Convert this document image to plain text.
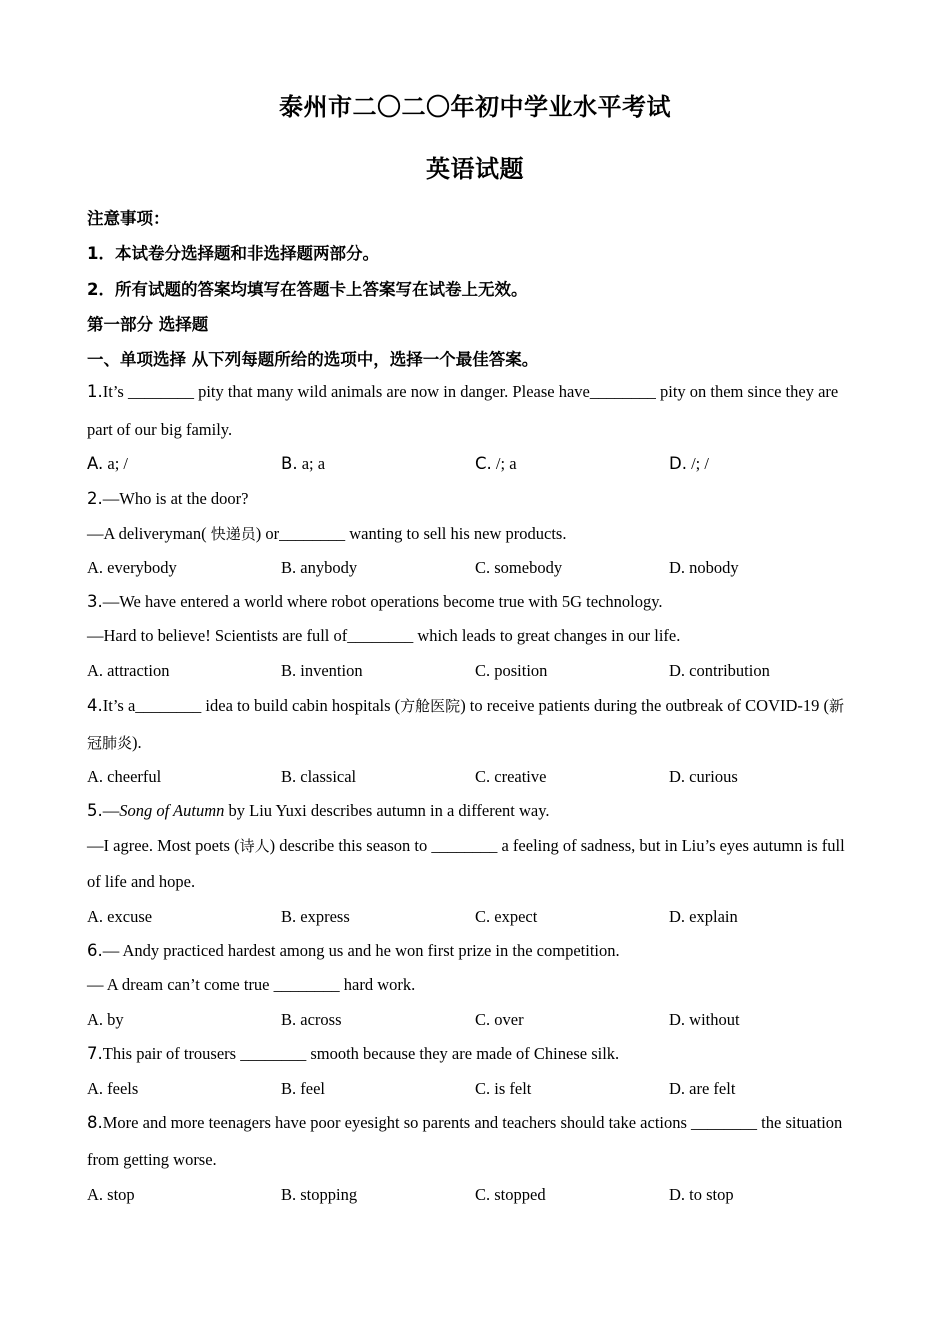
泰州市二〇二〇年初中学业水平考试
英语试题
注意事项：
1．本试卷分选择题和非选择题两部分。
2．所有试题的答案均填写在答题卡上答案写在试卷上无效。
第一部分 选择题
一、单项选择 从下列每题所给的选项中，选择一个最佳答案。
1.It’s ________ pity that many wild animals are now in danger. Please have________ pity on them since they are
part of our big family.
A. a; /	B. a; a	C. /; a	D. /; /
2.—Who is at the door?
—A deliveryman( 快递员) or________ wanting to sell his new products.
A. everybody	B. anybody	C. somebody	D. nobody
3.—We have entered a world where robot operations become true with 5G technology.
—Hard to believe! Scientists are full of________ which leads to great changes in our life.
A. attraction	B. invention	C. position	D. contribution
4.It’s a________ idea to build cabin hospitals (方舱医院) to receive patients during the outbreak of COVID-19 (新
冠肺炎).
A. cheerful	B. classical	C. creative	D. curious
5.—Song of Autumn by Liu Yuxi describes autumn in a different way.
—I agree. Most poets (诗人) describe this season to ________ a feeling of sadness, but in Liu’s eyes autumn is full
of life and hope.
A. excuse	B. express	C. expect	D. explain
6.— Andy practiced hardest among us and he won first prize in the competition.
— A dream can’t come true ________ hard work.
A. by	B. across	C. over	D. without
7.This pair of trousers ________ smooth because they are made of Chinese silk.
A. feels	B. feel	C. is felt	D. are felt
8.More and more teenagers have poor eyesight so parents and teachers should take actions ________ the situation
from getting worse.
A. stop	B. stopping	C. stopped	D. to stop
